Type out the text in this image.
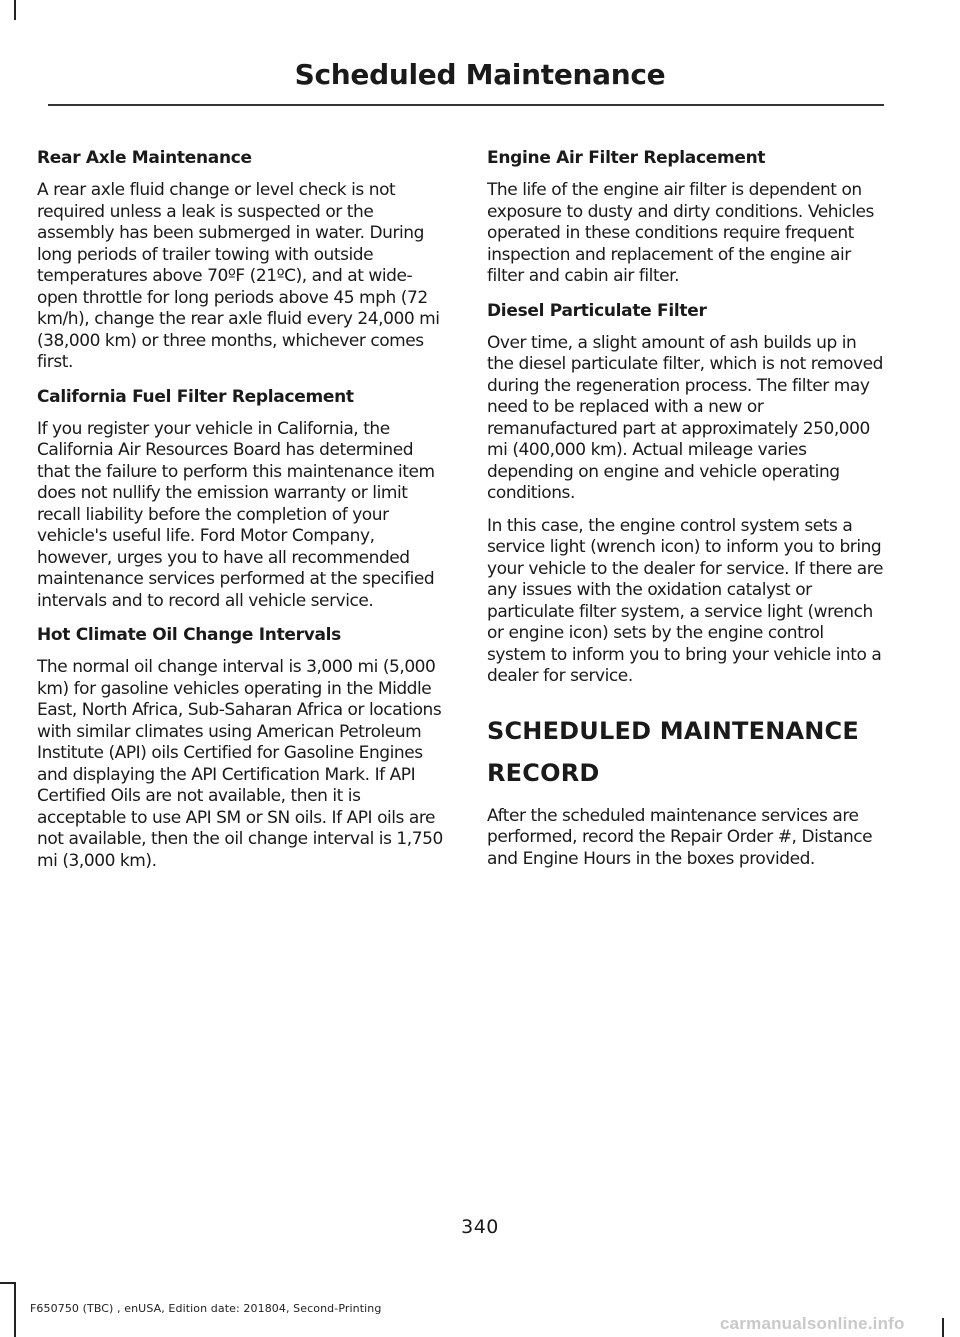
Scheduled Maintenance
Rear Axle Maintenance

A rear axle fluid change or level check is not required unless a leak is suspected or the assembly has been submerged in water. During long periods of trailer towing with outside temperatures above 70ºF (21ºC), and at wide-open throttle for long periods above 45 mph (72 km/h), change the rear axle fluid every 24,000 mi (38,000 km) or three months, whichever comes first.

California Fuel Filter Replacement

If you register your vehicle in California, the California Air Resources Board has determined that the failure to perform this maintenance item does not nullify the emission warranty or limit recall liability before the completion of your vehicle's useful life. Ford Motor Company, however, urges you to have all recommended maintenance services performed at the specified intervals and to record all vehicle service.

Hot Climate Oil Change Intervals

The normal oil change interval is 3,000 mi (5,000 km) for gasoline vehicles operating in the Middle East, North Africa, Sub-Saharan Africa or locations with similar climates using American Petroleum Institute (API) oils Certified for Gasoline Engines and displaying the API Certification Mark. If API Certified Oils are not available, then it is acceptable to use API SM or SN oils. If API oils are not available, then the oil change interval is 1,750 mi (3,000 km).

Engine Air Filter Replacement

The life of the engine air filter is dependent on exposure to dusty and dirty conditions. Vehicles operated in these conditions require frequent inspection and replacement of the engine air filter and cabin air filter.

Diesel Particulate Filter

Over time, a slight amount of ash builds up in the diesel particulate filter, which is not removed during the regeneration process. The filter may need to be replaced with a new or remanufactured part at approximately 250,000 mi (400,000 km). Actual mileage varies depending on engine and vehicle operating conditions.

In this case, the engine control system sets a service light (wrench icon) to inform you to bring your vehicle to the dealer for service. If there are any issues with the oxidation catalyst or particulate filter system, a service light (wrench or engine icon) sets by the engine control system to inform you to bring your vehicle into a dealer for service.

SCHEDULED MAINTENANCE RECORD

After the scheduled maintenance services are performed, record the Repair Order #, Distance and Engine Hours in the boxes provided.

340
F650750 (TBC) , enUSA, Edition date: 201804, Second-Printing
carmanualsonline.info
